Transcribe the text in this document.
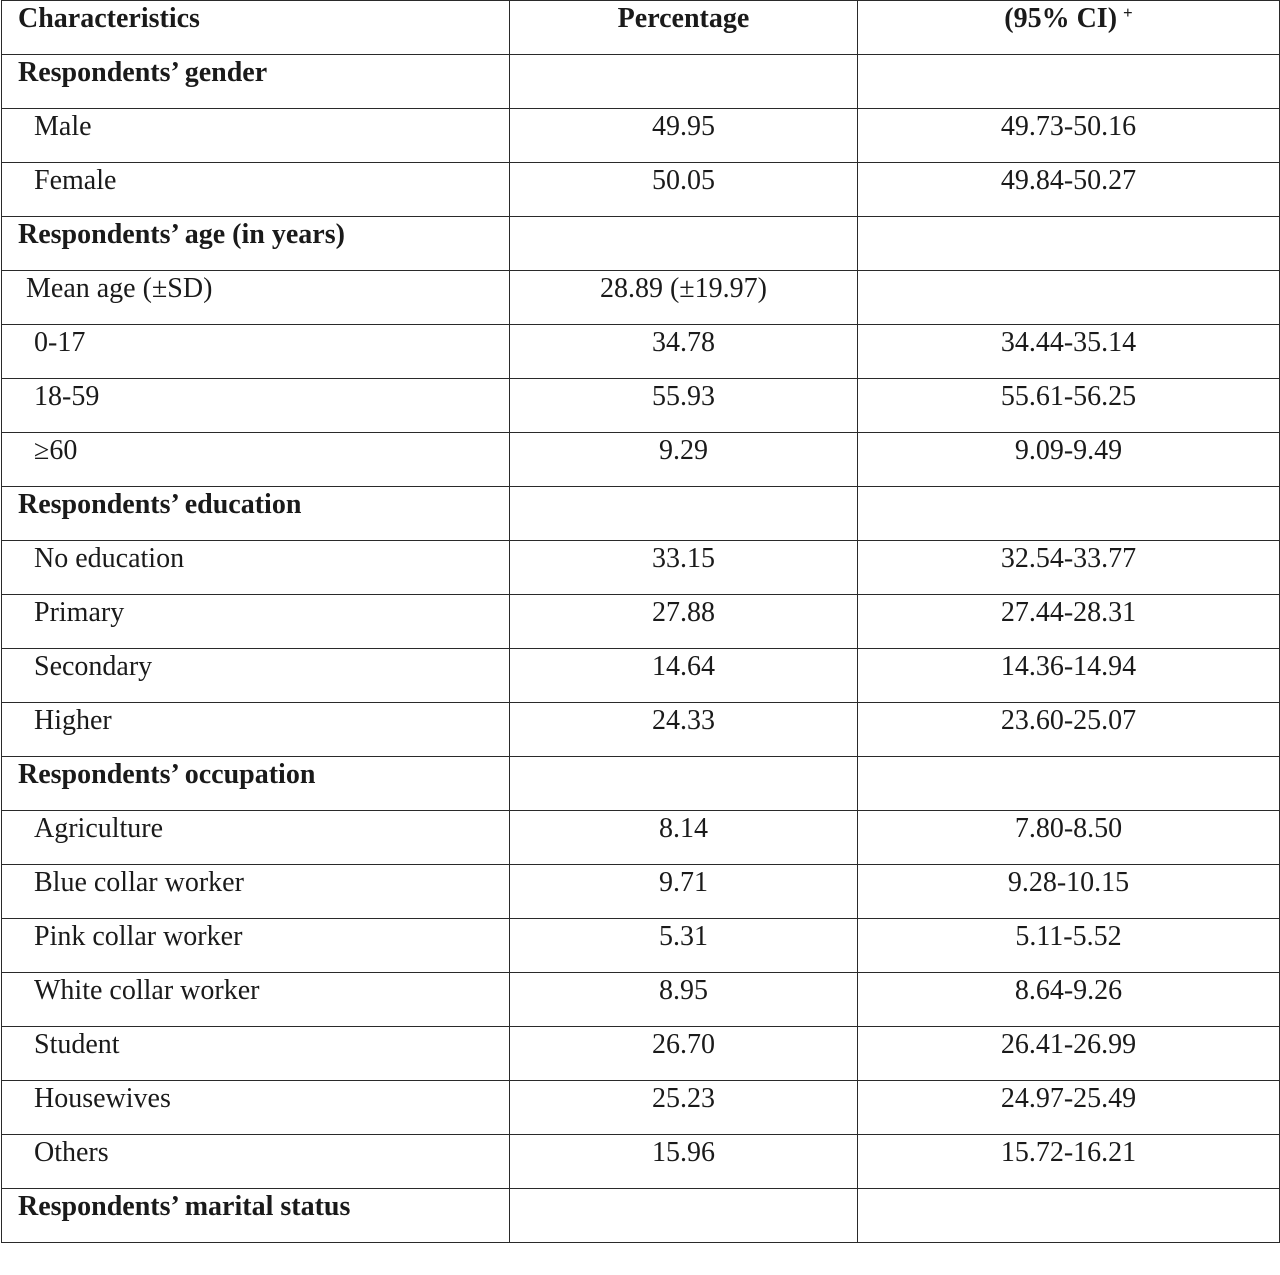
Characteristics	Percentage	(95% CI) +
Respondents’ gender		
Male	49.95	49.73-50.16
Female	50.05	49.84-50.27
Respondents’ age (in years)		
Mean age (±SD)	28.89 (±19.97)	
0-17	34.78	34.44-35.14
18-59	55.93	55.61-56.25
≥60	9.29	9.09-9.49
Respondents’ education		
No education	33.15	32.54-33.77
Primary	27.88	27.44-28.31
Secondary	14.64	14.36-14.94
Higher	24.33	23.60-25.07
Respondents’ occupation		
Agriculture	8.14	7.80-8.50
Blue collar worker	9.71	9.28-10.15
Pink collar worker	5.31	5.11-5.52
White collar worker	8.95	8.64-9.26
Student	26.70	26.41-26.99
Housewives	25.23	24.97-25.49
Others	15.96	15.72-16.21
Respondents’ marital status		
